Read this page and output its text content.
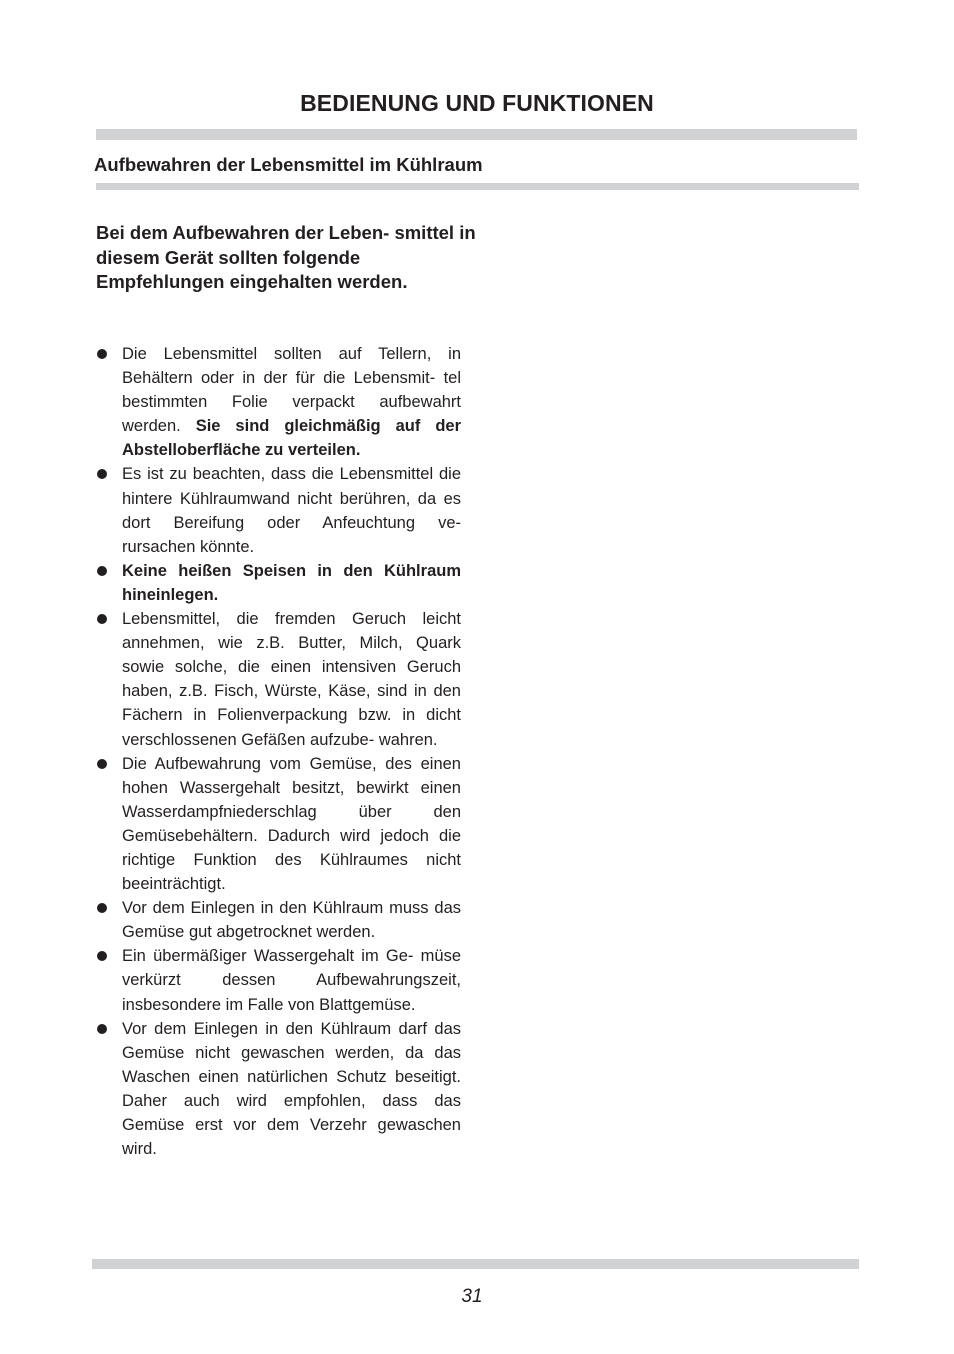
BEDIENUNG UND FUNKTIONEN
Aufbewahren der Lebensmittel im Kühlraum
Bei dem Aufbewahren der Leben- smittel in diesem Gerät sollten folgende Empfehlungen eingehalten werden.
Die Lebensmittel sollten auf Tellern, in Behältern oder in der für die Lebensmit- tel bestimmten Folie verpackt aufbewahrt werden. Sie sind gleichmäßig auf der Abstelloberfläche zu verteilen.
Es ist zu beachten, dass die Lebensmittel die hintere Kühlraumwand nicht berühren, da es dort Bereifung oder Anfeuchtung ve- rursachen könnte.
Keine heißen Speisen in den Kühlraum hineinlegen.
Lebensmittel, die fremden Geruch leicht annehmen, wie z.B. Butter, Milch, Quark sowie solche, die einen intensiven Geruch haben, z.B. Fisch, Würste, Käse, sind in den Fächern in Folienverpackung bzw. in dicht verschlossenen Gefäßen aufzube- wahren.
Die Aufbewahrung vom Gemüse, des einen hohen Wassergehalt besitzt, bewirkt einen Wasserdampfniederschlag über den Gemüsebehältern. Dadurch wird jedoch die richtige Funktion des Kühlraumes nicht beeinträchtigt.
Vor dem Einlegen in den Kühlraum muss das Gemüse gut abgetrocknet werden.
Ein übermäßiger Wassergehalt im Ge- müse verkürzt dessen Aufbewahrungszeit, insbesondere im Falle von Blattgemüse.
Vor dem Einlegen in den Kühlraum darf das Gemüse nicht gewaschen werden, da das Waschen einen natürlichen Schutz beseitigt. Daher auch wird empfohlen, dass das Gemüse erst vor dem Verzehr gewaschen wird.
31
